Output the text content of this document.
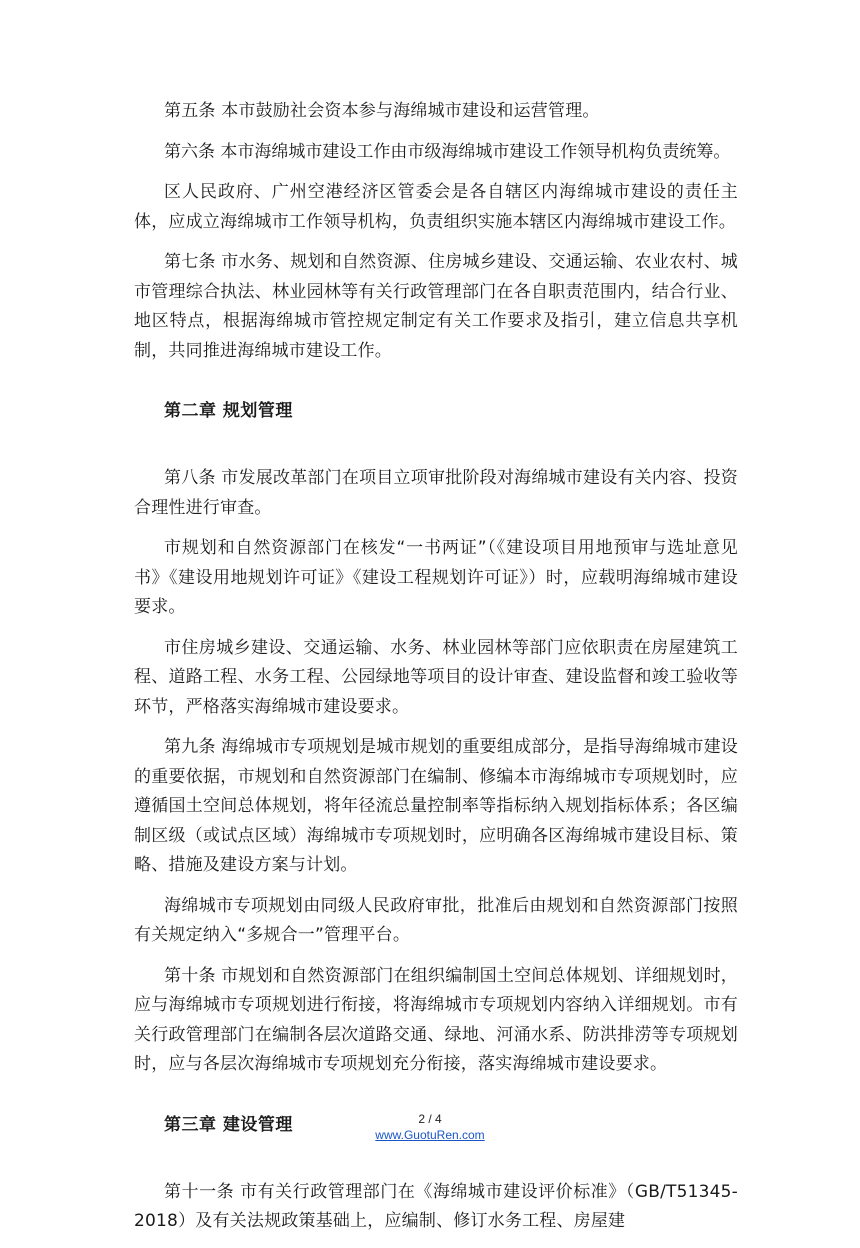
第五条 本市鼓励社会资本参与海绵城市建设和运营管理。

第六条 本市海绵城市建设工作由市级海绵城市建设工作领导机构负责统筹。

区人民政府、广州空港经济区管委会是各自辖区内海绵城市建设的责任主体，应成立海绵城市工作领导机构，负责组织实施本辖区内海绵城市建设工作。

第七条 市水务、规划和自然资源、住房城乡建设、交通运输、农业农村、城市管理综合执法、林业园林等有关行政管理部门在各自职责范围内，结合行业、地区特点，根据海绵城市管控规定制定有关工作要求及指引，建立信息共享机制，共同推进海绵城市建设工作。

第二章 规划管理

第八条 市发展改革部门在项目立项审批阶段对海绵城市建设有关内容、投资合理性进行审查。

市规划和自然资源部门在核发“一书两证”（《建设项目用地预审与选址意见书》《建设用地规划许可证》《建设工程规划许可证》）时，应载明海绵城市建设要求。

市住房城乡建设、交通运输、水务、林业园林等部门应依职责在房屋建筑工程、道路工程、水务工程、公园绿地等项目的设计审查、建设监督和竣工验收等环节，严格落实海绵城市建设要求。

第九条 海绵城市专项规划是城市规划的重要组成部分，是指导海绵城市建设的重要依据，市规划和自然资源部门在编制、修编本市海绵城市专项规划时，应遵循国土空间总体规划，将年径流总量控制率等指标纳入规划指标体系；各区编制区级（或试点区域）海绵城市专项规划时，应明确各区海绵城市建设目标、策略、措施及建设方案与计划。

海绵城市专项规划由同级人民政府审批，批准后由规划和自然资源部门按照有关规定纳入“多规合一”管理平台。

第十条 市规划和自然资源部门在组织编制国土空间总体规划、详细规划时，应与海绵城市专项规划进行衔接，将海绵城市专项规划内容纳入详细规划。市有关行政管理部门在编制各层次道路交通、绿地、河涌水系、防洪排涝等专项规划时，应与各层次海绵城市专项规划充分衔接，落实海绵城市建设要求。

第三章 建设管理

第十一条 市有关行政管理部门在《海绵城市建设评价标准》（GB/T51345-2018）及有关法规政策基础上，应编制、修订水务工程、房屋建

2 / 4
www.GuotuRen.com
